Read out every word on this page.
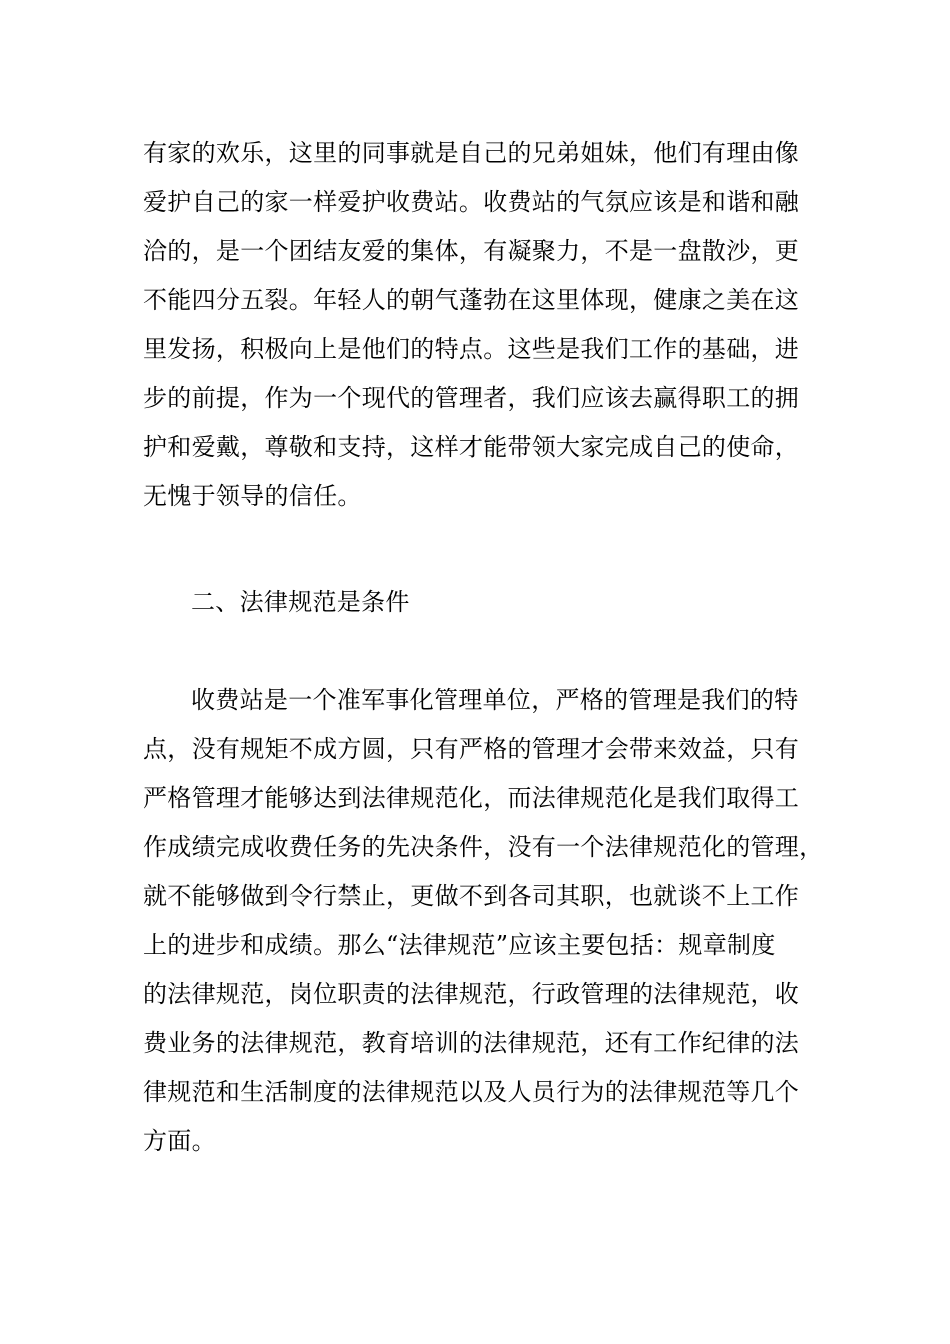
有家的欢乐，这里的同事就是自己的兄弟姐妹，他们有理由像
爱护自己的家一样爱护收费站。收费站的气氛应该是和谐和融
洽的，是一个团结友爱的集体，有凝聚力，不是一盘散沙，更
不能四分五裂。年轻人的朝气蓬勃在这里体现，健康之美在这
里发扬，积极向上是他们的特点。这些是我们工作的基础，进
步的前提，作为一个现代的管理者，我们应该去赢得职工的拥
护和爱戴，尊敬和支持，这样才能带领大家完成自己的使命，
无愧于领导的信任。
二、法律规范是条件
收费站是一个准军事化管理单位，严格的管理是我们的特
点，没有规矩不成方圆，只有严格的管理才会带来效益，只有
严格管理才能够达到法律规范化，而法律规范化是我们取得工
作成绩完成收费任务的先决条件，没有一个法律规范化的管理，
就不能够做到令行禁止，更做不到各司其职，也就谈不上工作
上的进步和成绩。那么“法律规范”应该主要包括：规章制度
的法律规范，岗位职责的法律规范，行政管理的法律规范，收
费业务的法律规范，教育培训的法律规范，还有工作纪律的法
律规范和生活制度的法律规范以及人员行为的法律规范等几个
方面。
